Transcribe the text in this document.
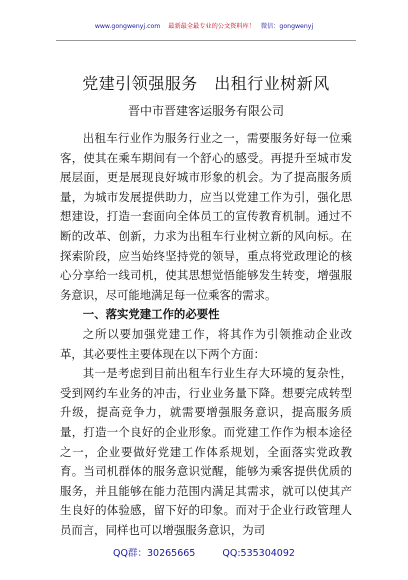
www.gongwenyj.com 最新最全最专业的公文资料库！ 微信：gongwenyj
党建引领强服务　出租行业树新风
晋中市晋建客运服务有限公司

出租车行业作为服务行业之一，需要服务好每一位乘客，使其在乘车期间有一个舒心的感受。再提升至城市发展层面，更是展现良好城市形象的机会。为了提高服务质量，为城市发展提供助力，应当以党建工作为引，强化思想建设，打造一套面向全体员工的宣传教育机制。通过不断的改革、创新，力求为出租车行业树立新的风向标。在探索阶段，应当始终坚持党的领导，重点将党政理论的核心分享给一线司机，使其思想觉悟能够发生转变，增强服务意识，尽可能地满足每一位乘客的需求。

一、落实党建工作的必要性

之所以要加强党建工作，将其作为引领推动企业改革，其必要性主要体现在以下两个方面：

其一是考虑到目前出租车行业生存大环境的复杂性，受到网约车业务的冲击，行业业务量下降。想要完成转型升级，提高竞争力，就需要增强服务意识，提高服务质量，打造一个良好的企业形象。而党建工作作为根本途径之一，企业要做好党建工作体系规划，全面落实党政教育。当司机群体的服务意识觉醒，能够为乘客提供优质的服务，并且能够在能力范围内满足其需求，就可以使其产生良好的体验感，留下好的印象。而对于企业行政管理人员而言，同样也可以增强服务意识，为司

QQ群：30265665	QQ:535304092
